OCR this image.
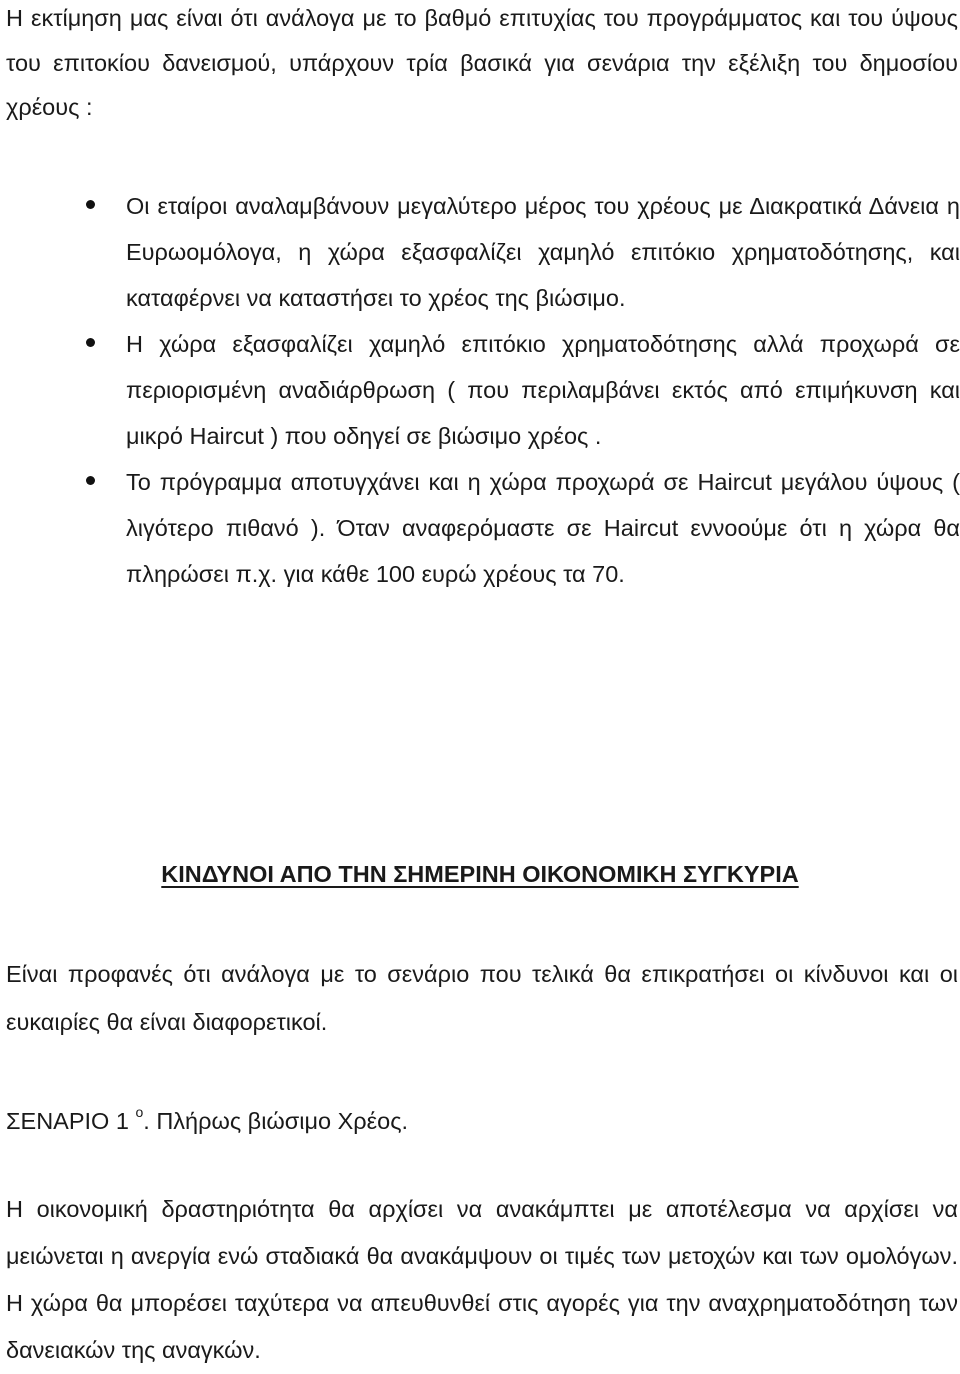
Η εκτίμηση μας είναι ότι ανάλογα με το βαθμό επιτυχίας του προγράμματος και του ύψους του επιτοκίου δανεισμού, υπάρχουν τρία βασικά για σενάρια την εξέλιξη του δημοσίου χρέους :

Οι εταίροι αναλαμβάνουν μεγαλύτερο μέρος του χρέους με Διακρατικά Δάνεια η Ευρωομόλογα, η χώρα εξασφαλίζει χαμηλό επιτόκιο χρηματοδότησης, και καταφέρνει να καταστήσει το χρέος της βιώσιμο.
Η χώρα εξασφαλίζει χαμηλό επιτόκιο χρηματοδότησης αλλά προχωρά σε περιορισμένη αναδιάρθρωση ( που περιλαμβάνει εκτός από επιμήκυνση και μικρό Haircut ) που οδηγεί σε βιώσιμο χρέος .
Το πρόγραμμα αποτυγχάνει και η χώρα προχωρά σε Haircut μεγάλου ύψους ( λιγότερο πιθανό ). Όταν αναφερόμαστε σε Haircut εννοούμε ότι η χώρα θα πληρώσει π.χ. για κάθε 100 ευρώ χρέους τα 70.
ΚΙΝΔΥΝΟΙ ΑΠΟ ΤΗΝ ΣΗΜΕΡΙΝΗ ΟΙΚΟΝΟΜΙΚΗ ΣΥΓΚΥΡΙΑ

Είναι προφανές ότι ανάλογα με το σενάριο που τελικά θα επικρατήσει οι κίνδυνοι και οι ευκαιρίες θα είναι διαφορετικοί.

ΣΕΝΑΡΙΟ 1 $^o$. Πλήρως βιώσιμο Χρέος.

Η οικονομική δραστηριότητα θα αρχίσει να ανακάμπτει με αποτέλεσμα να αρχίσει να μειώνεται η ανεργία ενώ σταδιακά θα ανακάμψουν οι τιμές των μετοχών και των ομολόγων. Η χώρα θα μπορέσει ταχύτερα να απευθυνθεί στις αγορές για την αναχρηματοδότηση των δανειακών της αναγκών.
